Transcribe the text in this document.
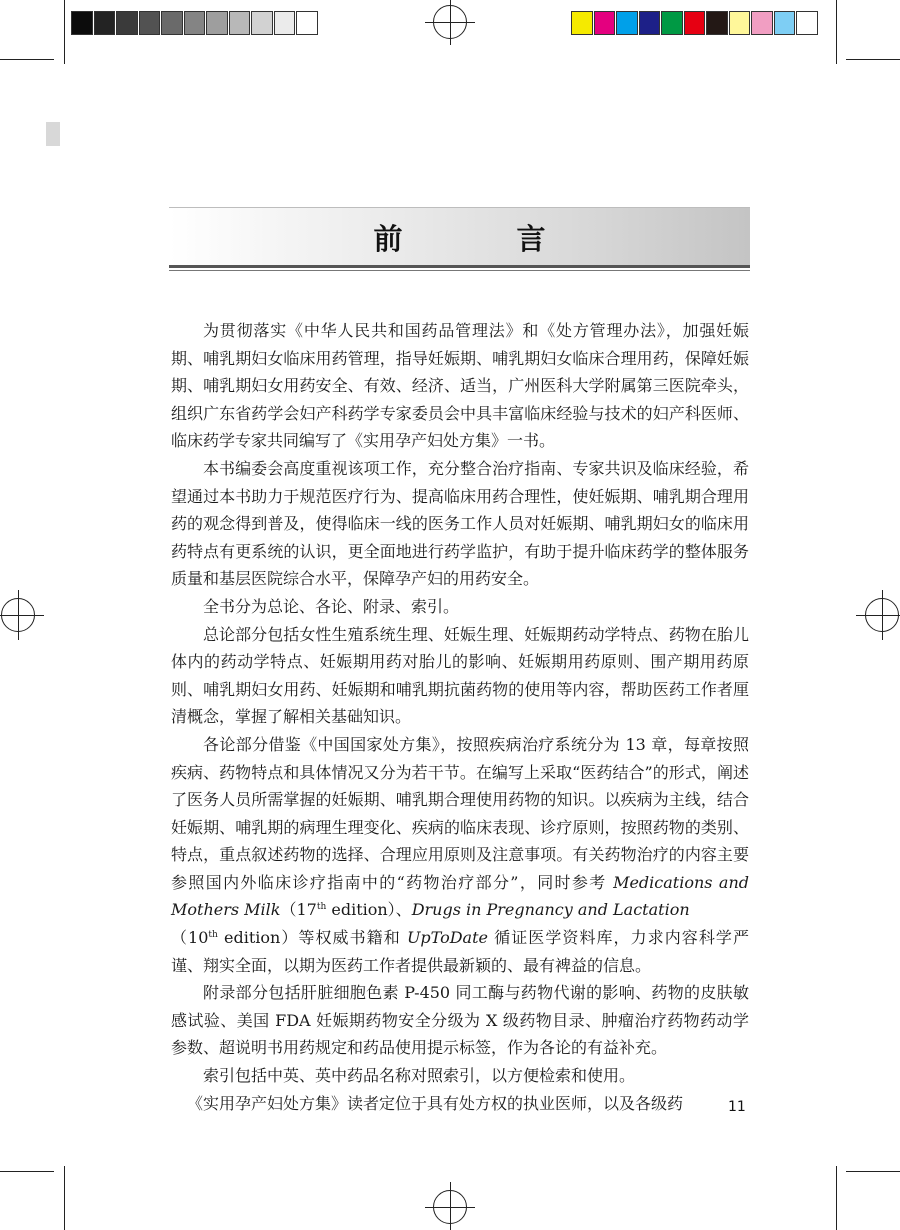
前 言

为贯彻落实《中华人民共和国药品管理法》和《处方管理办法》，加强妊娠期、哺乳期妇女临床用药管理，指导妊娠期、哺乳期妇女临床合理用药，保障妊娠期、哺乳期妇女用药安全、有效、经济、适当，广州医科大学附属第三医院牵头，组织广东省药学会妇产科药学专家委员会中具丰富临床经验与技术的妇产科医师、临床药学专家共同编写了《实用孕产妇处方集》一书。

本书编委会高度重视该项工作，充分整合治疗指南、专家共识及临床经验，希望通过本书助力于规范医疗行为、提高临床用药合理性，使妊娠期、哺乳期合理用药的观念得到普及，使得临床一线的医务工作人员对妊娠期、哺乳期妇女的临床用药特点有更系统的认识，更全面地进行药学监护，有助于提升临床药学的整体服务质量和基层医院综合水平，保障孕产妇的用药安全。

全书分为总论、各论、附录、索引。

总论部分包括女性生殖系统生理、妊娠生理、妊娠期药动学特点、药物在胎儿体内的药动学特点、妊娠期用药对胎儿的影响、妊娠期用药原则、围产期用药原则、哺乳期妇女用药、妊娠期和哺乳期抗菌药物的使用等内容，帮助医药工作者厘清概念，掌握了解相关基础知识。

各论部分借鉴《中国国家处方集》，按照疾病治疗系统分为 13 章，每章按照疾病、药物特点和具体情况又分为若干节。在编写上采取“医药结合”的形式，阐述了医务人员所需掌握的妊娠期、哺乳期合理使用药物的知识。以疾病为主线，结合妊娠期、哺乳期的病理生理变化、疾病的临床表现、诊疗原则，按照药物的类别、特点，重点叙述药物的选择、合理应用原则及注意事项。有关药物治疗的内容主要参照国内外临床诊疗指南中的“药物治疗部分”，同时参考 Medications and Mothers Milk（17th edition）、Drugs in Pregnancy and Lactation
（10th edition）等权威书籍和 UpToDate 循证医学资料库，力求内容科学严谨、翔实全面，以期为医药工作者提供最新颖的、最有裨益的信息。

附录部分包括肝脏细胞色素 P-450 同工酶与药物代谢的影响、药物的皮肤敏感试验、美国 FDA 妊娠期药物安全分级为 X 级药物目录、肿瘤治疗药物药动学参数、超说明书用药规定和药品使用提示标签，作为各论的有益补充。

索引包括中英、英中药品名称对照索引，以方便检索和使用。

《实用孕产妇处方集》读者定位于具有处方权的执业医师，以及各级药	11
